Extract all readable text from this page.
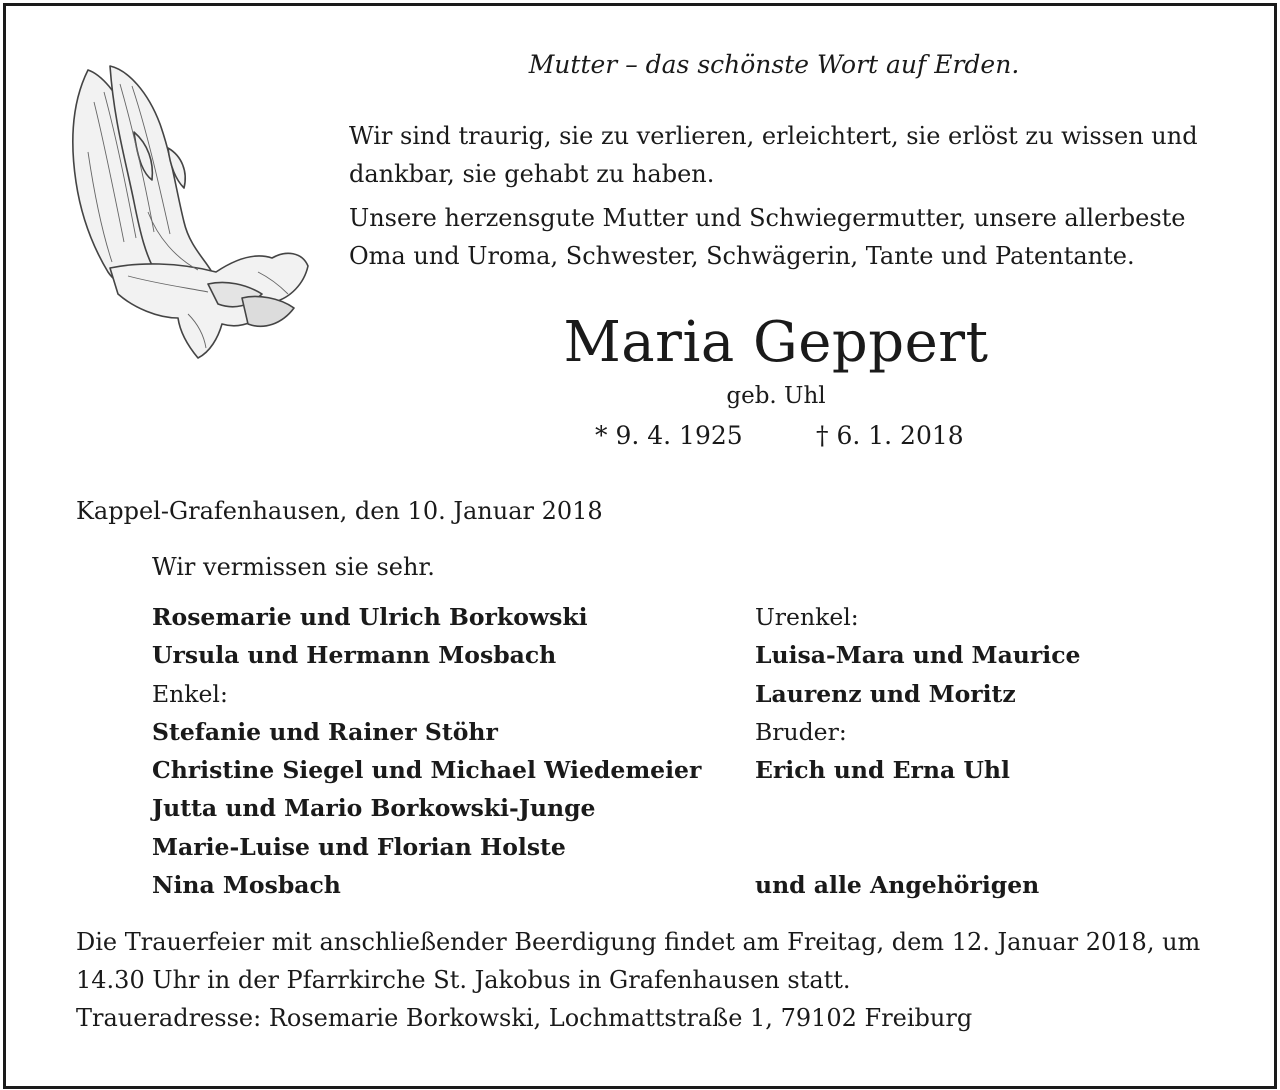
Mutter – das schönste Wort auf Erden.

Wir sind traurig, sie zu verlieren, erleichtert, sie erlöst zu wissen und dankbar, sie gehabt zu haben.

Unsere herzensgute Mutter und Schwiegermutter, unsere allerbeste Oma und Uroma, Schwester, Schwägerin, Tante und Patentante.

Maria Geppert
geb. Uhl
* 9. 4. 1925	† 6. 1. 2018
Kappel-Grafenhausen, den 10. Januar 2018
Wir vermissen sie sehr.
Rosemarie und Ulrich Borkowski
Ursula und Hermann Mosbach
Enkel:
Stefanie und Rainer Stöhr
Christine Siegel und Michael Wiedemeier
Jutta und Mario Borkowski-Junge
Marie-Luise und Florian Holste
Nina Mosbach
Urenkel:
Luisa-Mara und Maurice
Laurenz und Moritz
Bruder:
Erich und Erna Uhl
und alle Angehörigen

Die Trauerfeier mit anschließender Beerdigung findet am Freitag, dem 12. Januar 2018, um 14.30 Uhr in der Pfarrkirche St. Jakobus in Grafenhausen statt.

Traueradresse: Rosemarie Borkowski, Lochmattstraße 1, 79102 Freiburg
